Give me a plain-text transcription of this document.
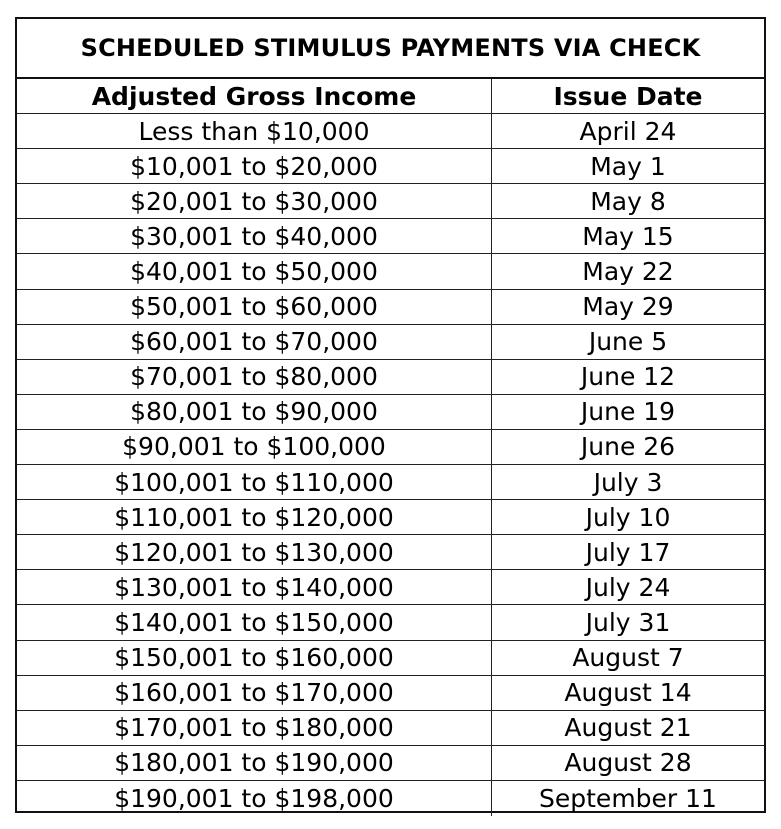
SCHEDULED STIMULUS PAYMENTS VIA CHECK
Adjusted Gross Income	Issue Date
Less than $10,000	April 24
$10,001 to $20,000	May 1
$20,001 to $30,000	May 8
$30,001 to $40,000	May 15
$40,001 to $50,000	May 22
$50,001 to $60,000	May 29
$60,001 to $70,000	June 5
$70,001 to $80,000	June 12
$80,001 to $90,000	June 19
$90,001 to $100,000	June 26
$100,001 to $110,000	July 3
$110,001 to $120,000	July 10
$120,001 to $130,000	July 17
$130,001 to $140,000	July 24
$140,001 to $150,000	July 31
$150,001 to $160,000	August 7
$160,001 to $170,000	August 14
$170,001 to $180,000	August 21
$180,001 to $190,000	August 28
$190,001 to $198,000	September 11
